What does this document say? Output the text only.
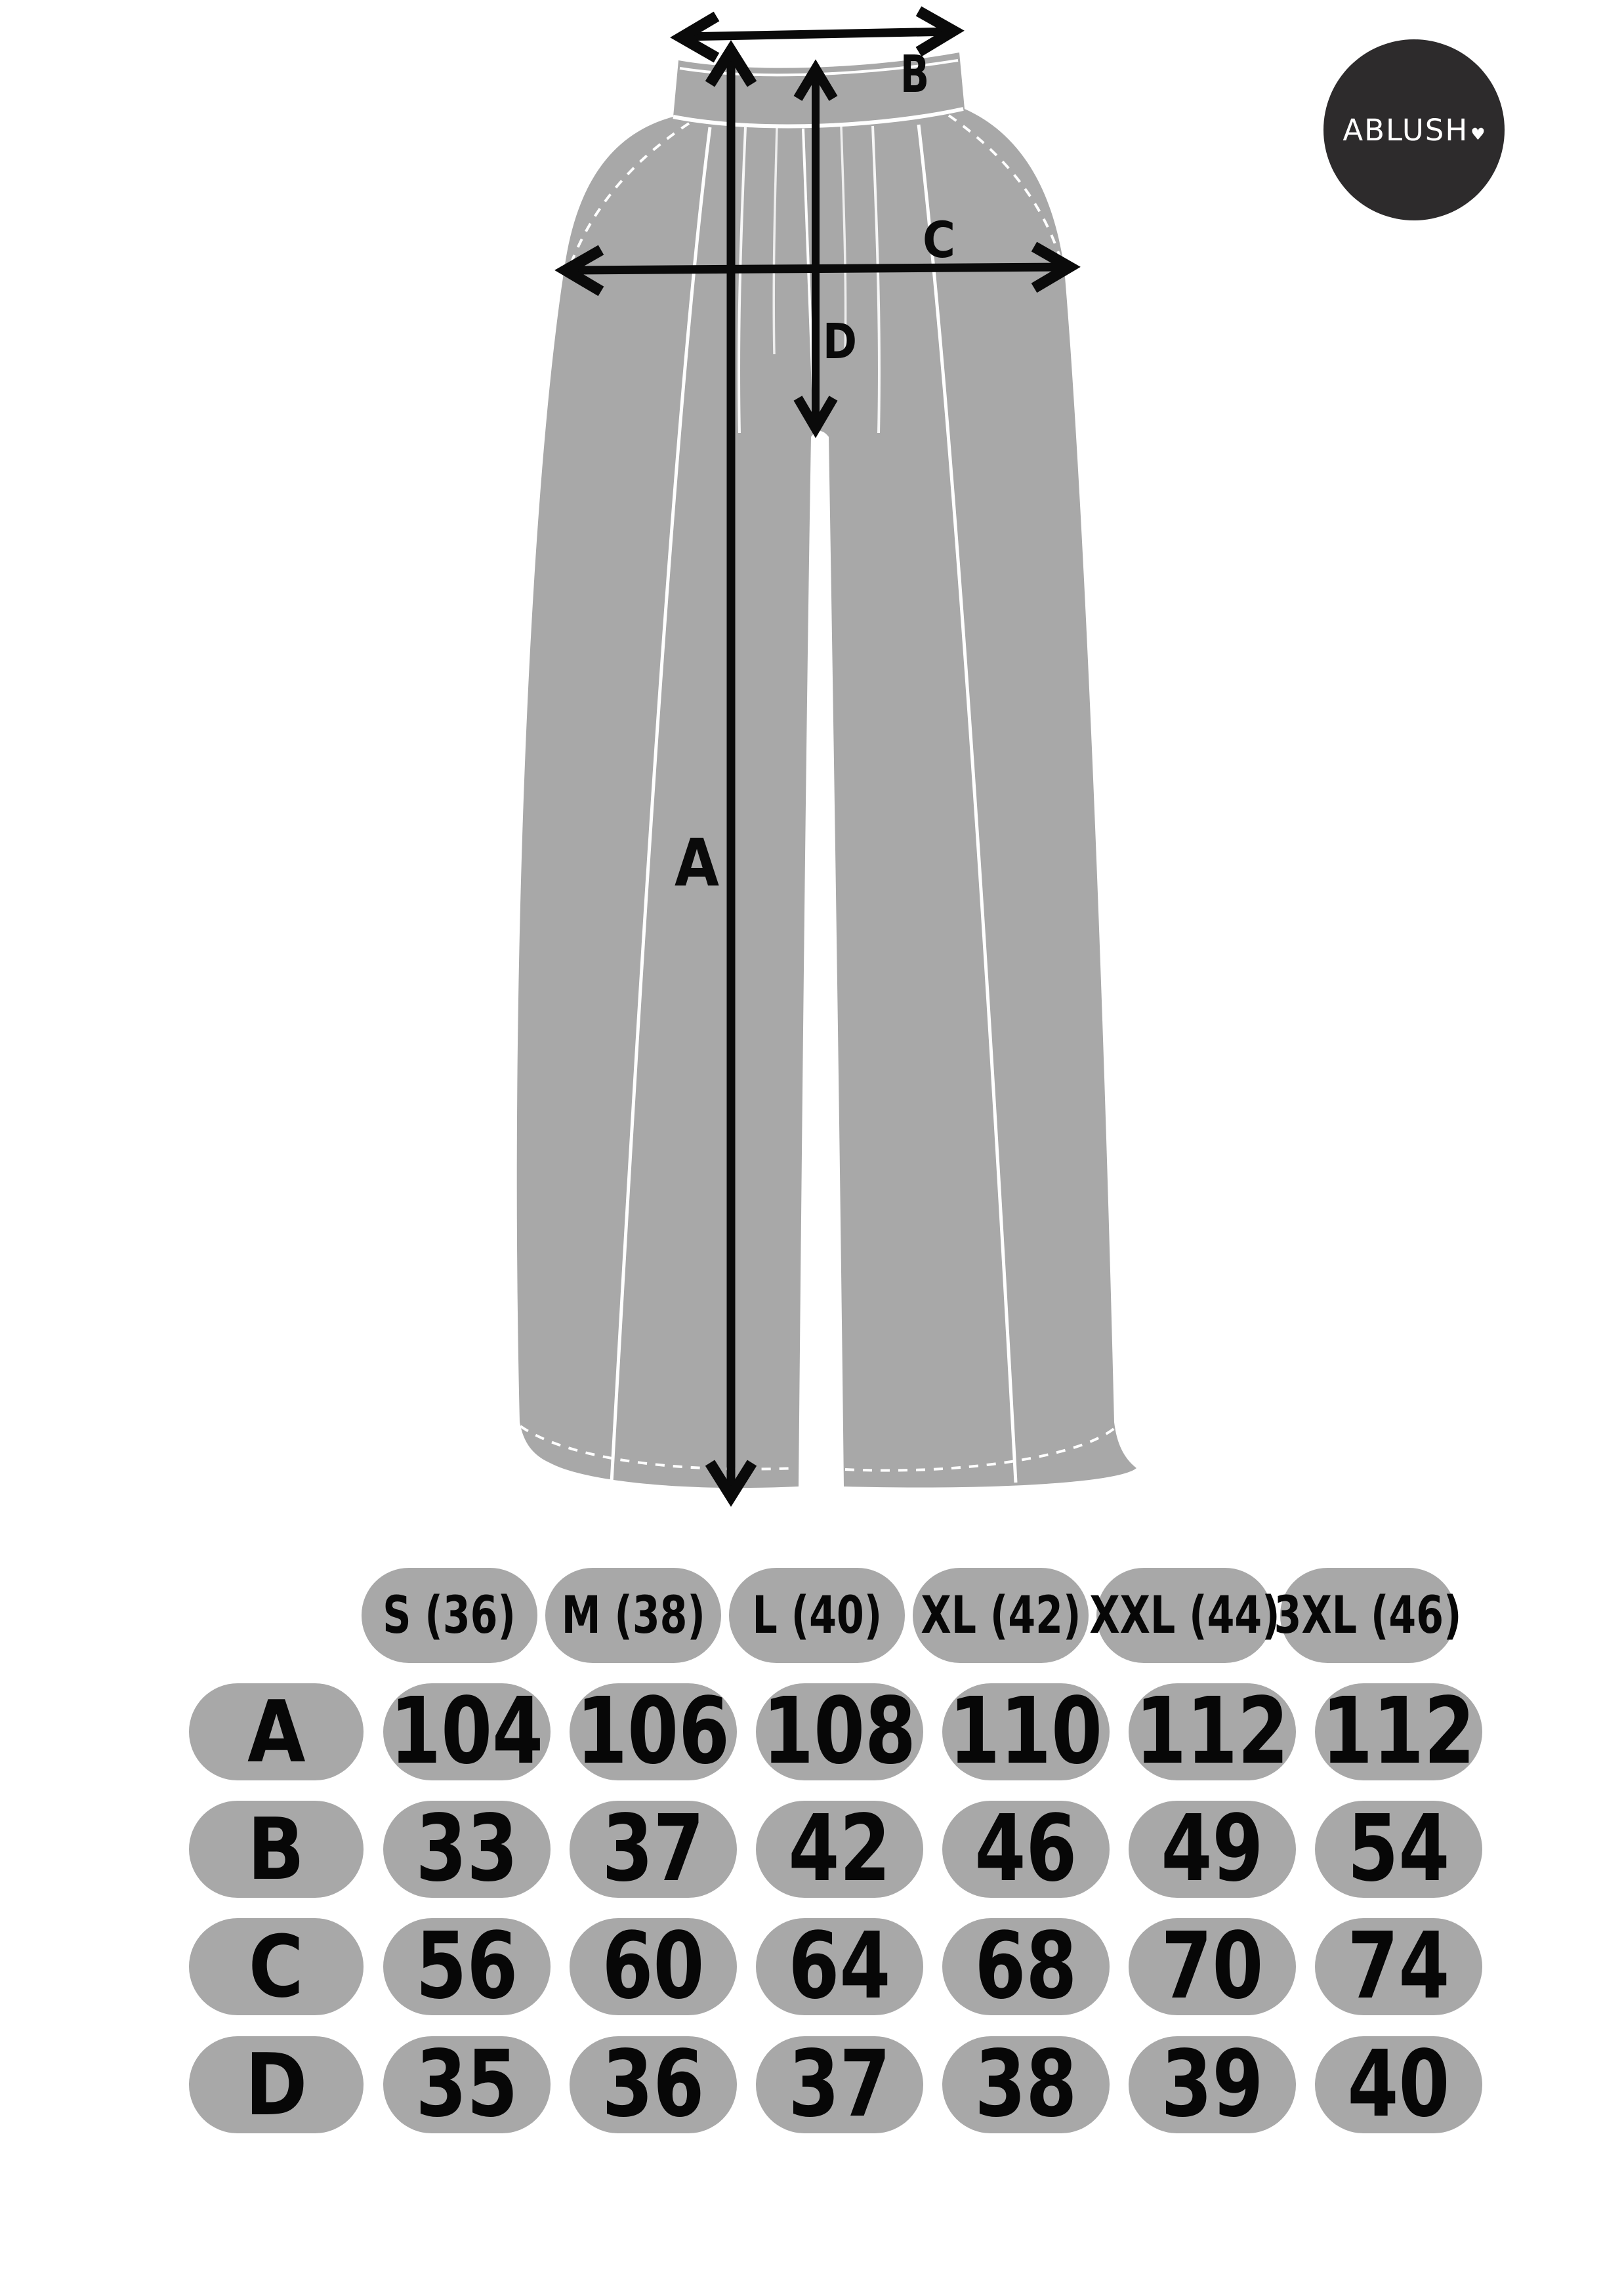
B
C
D
A
ABLUSH ♥
S (36) M (38) L (40) XL (42) XXL (44)
3XL (46)
A 104 106 108 110 112 112
B 33 37 42 46 49 54
C 56 60 64 68 70 74
D 35 36 37 38 39 40
